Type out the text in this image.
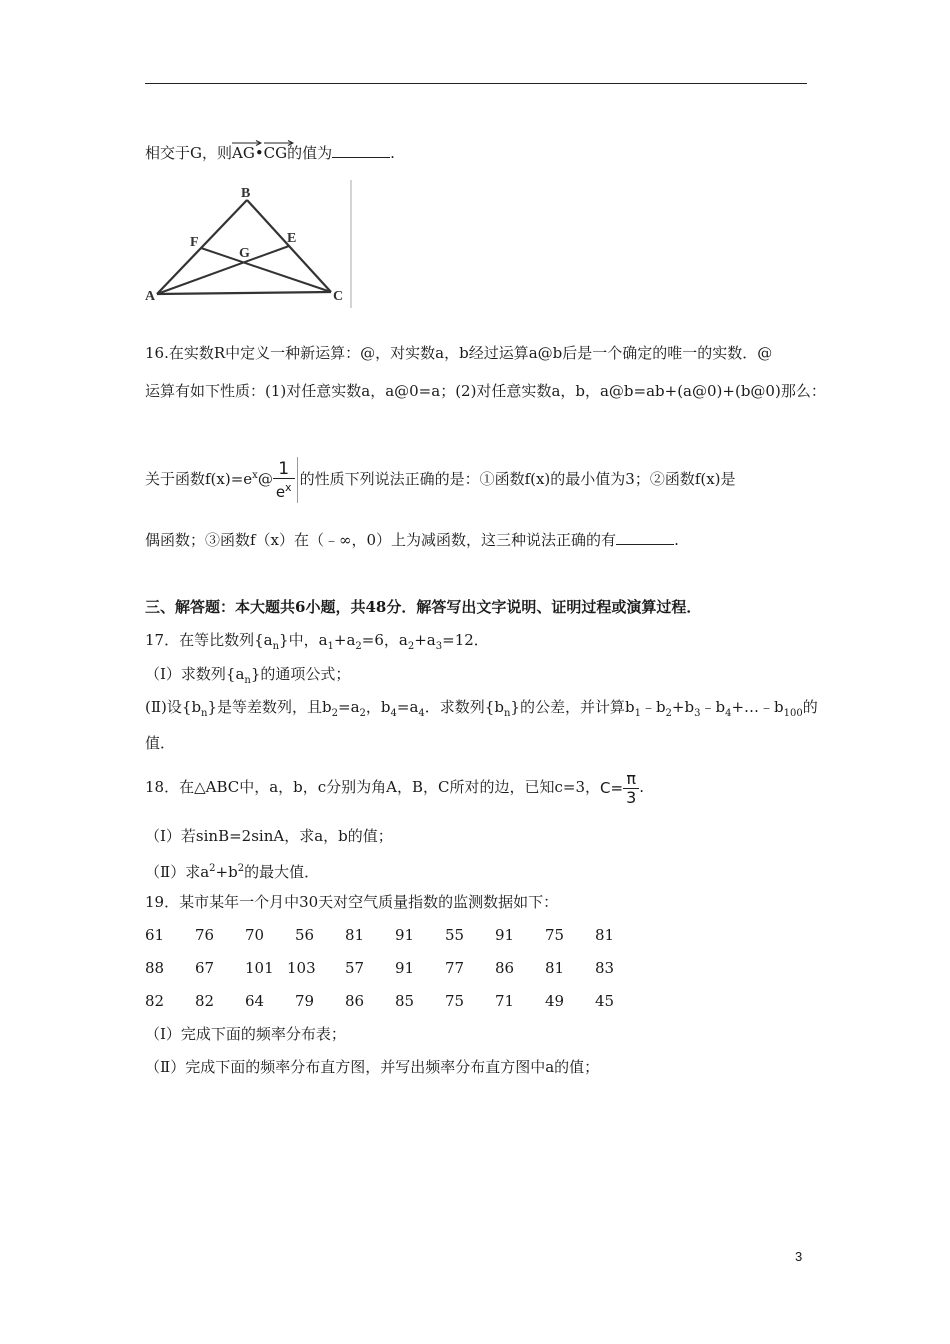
相交于G，则
AG•
CG的值为	.
B
F	E
G
A	C
16.在实数R中定义一种新运算：@，对实数a，b经过运算a@b后是一个确定的唯一的实数．@
运算有如下性质：(1)对任意实数a，a@0=a；(2)对任意实数a，b，a@b=ab+(a@0)+(b@0)那么：
关于函数$f(x)=e^x@ \frac{1}{e^x}$ 的性质下列说法正确的是：①函数f(x)的最小值为3；②函数f(x)是
偶函数；③函数f（x）在（﹣∞，0）上为减函数，这三种说法正确的有	.
三、解答题：本大题共6小题，共48分．解答写出文字说明、证明过程或演算过程．
17．在等比数列$\{a_n\}$中，$a_1+a_2=6$，$a_2+a_3=12$．
（Ⅰ）求数列$\{a_n\}$的通项公式；
(Ⅱ)设$\{b_n\}$是等差数列，且$b_2=a_2$，$b_4=a_4$．求数列$\{b_n\}$的公差，并计算$b_1﹣b_2+b_3﹣b_4+\dots﹣b_{100}$的
值．
18．在△ABC中，a，b，c分别为角A，B，C所对的边，已知c=3， $C= \frac{\pi}{3}$ .
（Ⅰ）若sinB=2sinA，求a，b的值；
（Ⅱ）求$a^2+b^2$的最大值．
19．某市某年一个月中30天对空气质量指数的监测数据如下：
61 76 70 56 81 91 55 91 75 81
88 67 101 103 57 91 77 86 81 83
82 82 64 79 86 85 75 71 49 45
（Ⅰ）完成下面的频率分布表；
（Ⅱ）完成下面的频率分布直方图，并写出频率分布直方图中a的值；
3
